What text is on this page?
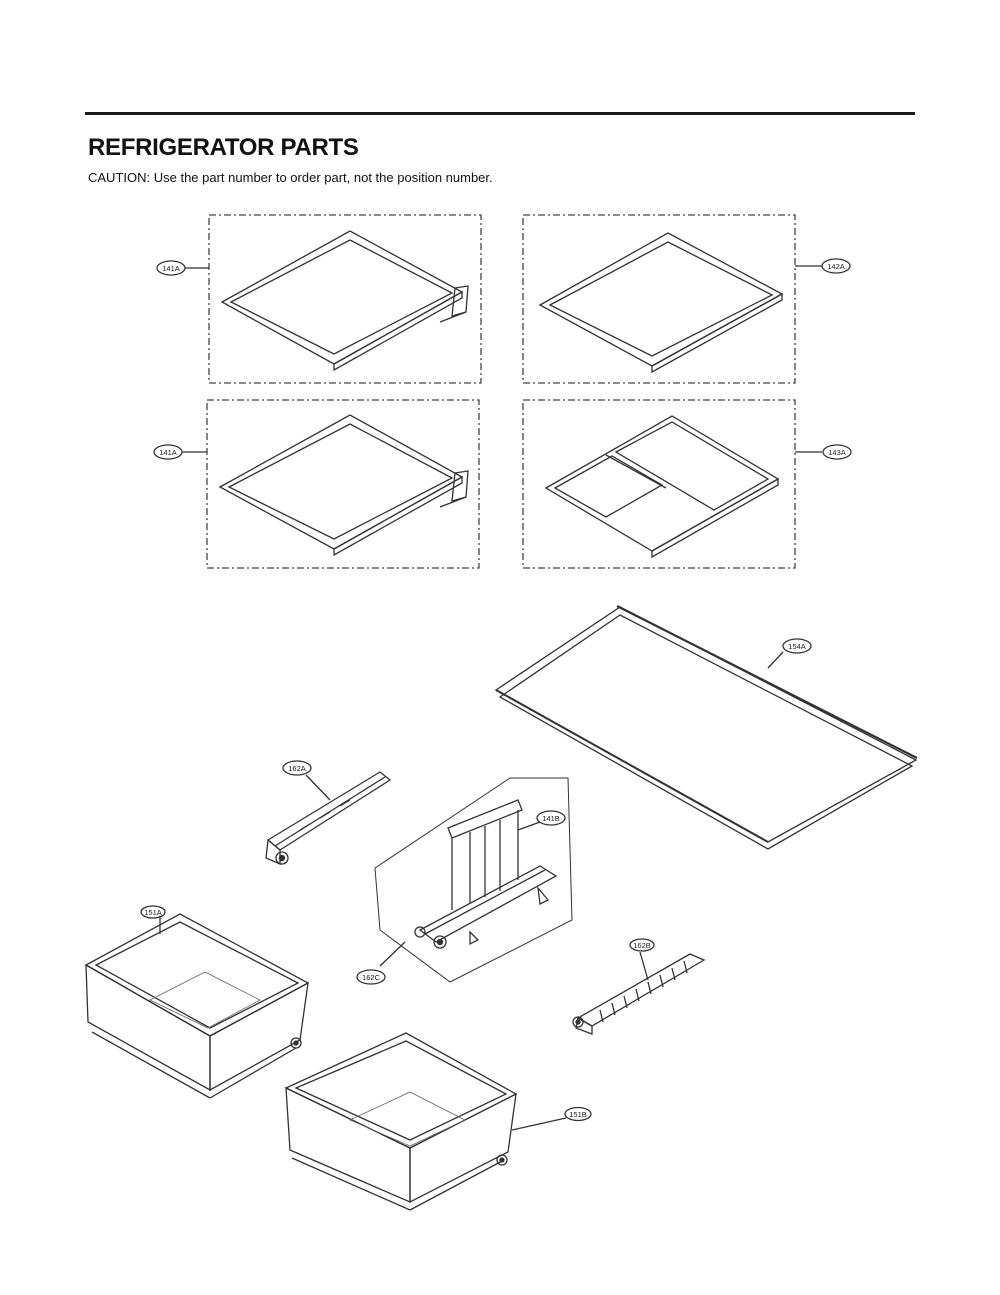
REFRIGERATOR PARTS
CAUTION: Use the part number to order part, not the position number.
141A	142A
141A	143A
154A
162A
141B
162C
162B
151A
151B
